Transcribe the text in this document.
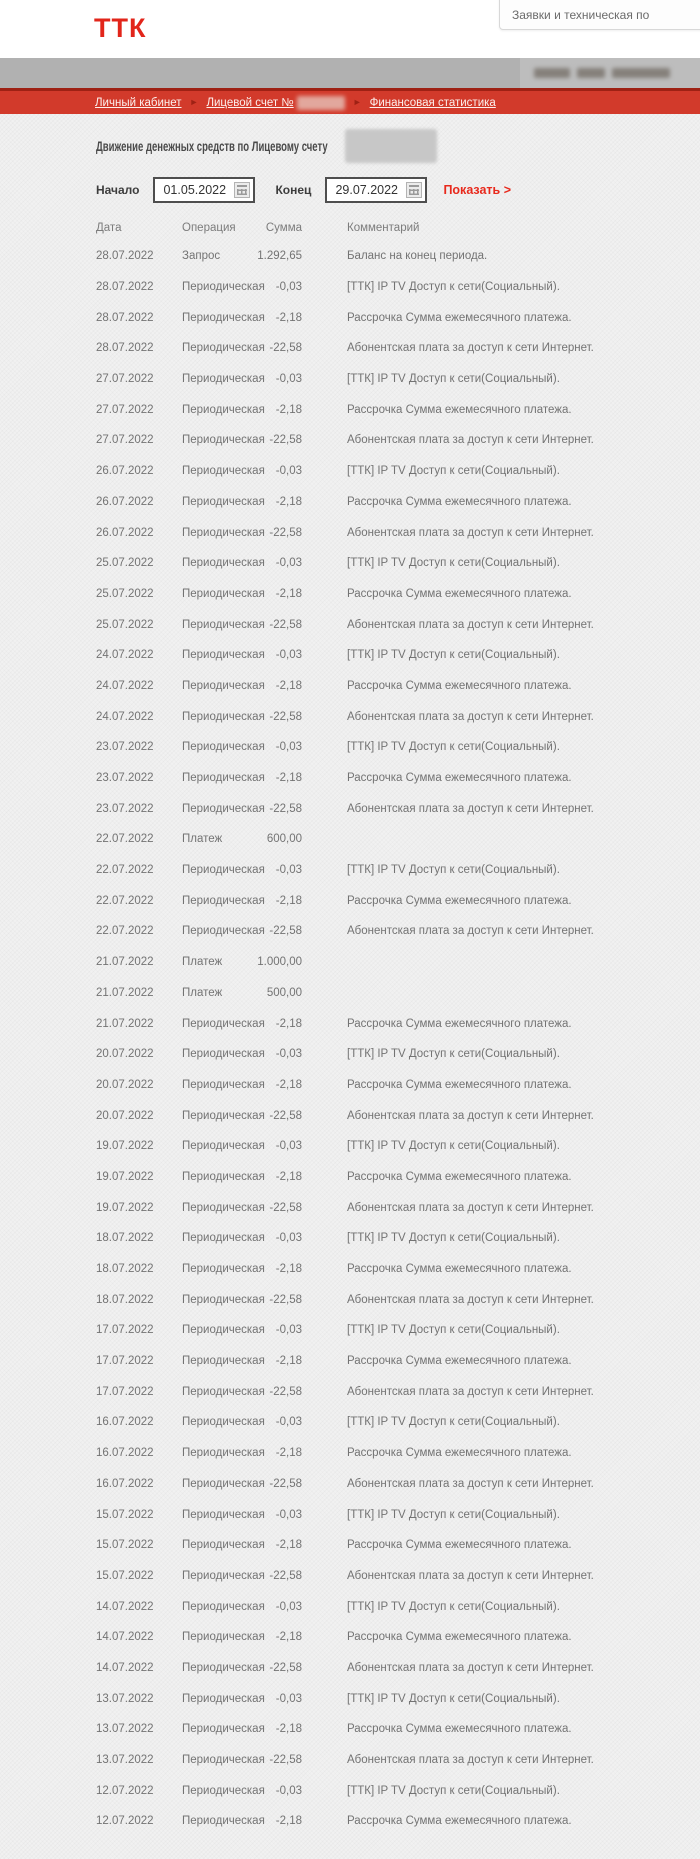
ТТК	Заявки и техническая по
Личный кабинет ► Лицевой счет №	► Финансовая статистика
Движение денежных средств по Лицевому счету
Начало
01.05.2022	Конец
29.07.2022	Показать >
Дата	Операция	Сумма	Комментарий
28.07.2022	Запрос	1.292,65	Баланс на конец периода.
28.07.2022	Периодическая -0,03	[ТТК] IP TV Доступ к сети(Социальный).
28.07.2022	Периодическая -2,18	Рассрочка Сумма ежемесячного платежа.
28.07.2022	Периодическая -22,58	Абонентская плата за доступ к сети Интернет.
27.07.2022	Периодическая -0,03	[ТТК] IP TV Доступ к сети(Социальный).
27.07.2022	Периодическая -2,18	Рассрочка Сумма ежемесячного платежа.
27.07.2022	Периодическая -22,58	Абонентская плата за доступ к сети Интернет.
26.07.2022	Периодическая -0,03	[ТТК] IP TV Доступ к сети(Социальный).
26.07.2022	Периодическая -2,18	Рассрочка Сумма ежемесячного платежа.
26.07.2022	Периодическая -22,58	Абонентская плата за доступ к сети Интернет.
25.07.2022	Периодическая -0,03	[ТТК] IP TV Доступ к сети(Социальный).
25.07.2022	Периодическая -2,18	Рассрочка Сумма ежемесячного платежа.
25.07.2022	Периодическая -22,58	Абонентская плата за доступ к сети Интернет.
24.07.2022	Периодическая -0,03	[ТТК] IP TV Доступ к сети(Социальный).
24.07.2022	Периодическая -2,18	Рассрочка Сумма ежемесячного платежа.
24.07.2022	Периодическая -22,58	Абонентская плата за доступ к сети Интернет.
23.07.2022	Периодическая -0,03	[ТТК] IP TV Доступ к сети(Социальный).
23.07.2022	Периодическая -2,18	Рассрочка Сумма ежемесячного платежа.
23.07.2022	Периодическая -22,58	Абонентская плата за доступ к сети Интернет.
22.07.2022	Платеж	600,00
22.07.2022	Периодическая -0,03	[ТТК] IP TV Доступ к сети(Социальный).
22.07.2022	Периодическая -2,18	Рассрочка Сумма ежемесячного платежа.
22.07.2022	Периодическая -22,58	Абонентская плата за доступ к сети Интернет.
21.07.2022	Платеж	1.000,00
21.07.2022	Платеж	500,00
21.07.2022	Периодическая -2,18	Рассрочка Сумма ежемесячного платежа.
20.07.2022	Периодическая -0,03	[ТТК] IP TV Доступ к сети(Социальный).
20.07.2022	Периодическая -2,18	Рассрочка Сумма ежемесячного платежа.
20.07.2022	Периодическая -22,58	Абонентская плата за доступ к сети Интернет.
19.07.2022	Периодическая -0,03	[ТТК] IP TV Доступ к сети(Социальный).
19.07.2022	Периодическая -2,18	Рассрочка Сумма ежемесячного платежа.
19.07.2022	Периодическая -22,58	Абонентская плата за доступ к сети Интернет.
18.07.2022	Периодическая -0,03	[ТТК] IP TV Доступ к сети(Социальный).
18.07.2022	Периодическая -2,18	Рассрочка Сумма ежемесячного платежа.
18.07.2022	Периодическая -22,58	Абонентская плата за доступ к сети Интернет.
17.07.2022	Периодическая -0,03	[ТТК] IP TV Доступ к сети(Социальный).
17.07.2022	Периодическая -2,18	Рассрочка Сумма ежемесячного платежа.
17.07.2022	Периодическая -22,58	Абонентская плата за доступ к сети Интернет.
16.07.2022	Периодическая -0,03	[ТТК] IP TV Доступ к сети(Социальный).
16.07.2022	Периодическая -2,18	Рассрочка Сумма ежемесячного платежа.
16.07.2022	Периодическая -22,58	Абонентская плата за доступ к сети Интернет.
15.07.2022	Периодическая -0,03	[ТТК] IP TV Доступ к сети(Социальный).
15.07.2022	Периодическая -2,18	Рассрочка Сумма ежемесячного платежа.
15.07.2022	Периодическая -22,58	Абонентская плата за доступ к сети Интернет.
14.07.2022	Периодическая -0,03	[ТТК] IP TV Доступ к сети(Социальный).
14.07.2022	Периодическая -2,18	Рассрочка Сумма ежемесячного платежа.
14.07.2022	Периодическая -22,58	Абонентская плата за доступ к сети Интернет.
13.07.2022	Периодическая -0,03	[ТТК] IP TV Доступ к сети(Социальный).
13.07.2022	Периодическая -2,18	Рассрочка Сумма ежемесячного платежа.
13.07.2022	Периодическая -22,58	Абонентская плата за доступ к сети Интернет.
12.07.2022	Периодическая -0,03	[ТТК] IP TV Доступ к сети(Социальный).
12.07.2022	Периодическая -2,18	Рассрочка Сумма ежемесячного платежа.
